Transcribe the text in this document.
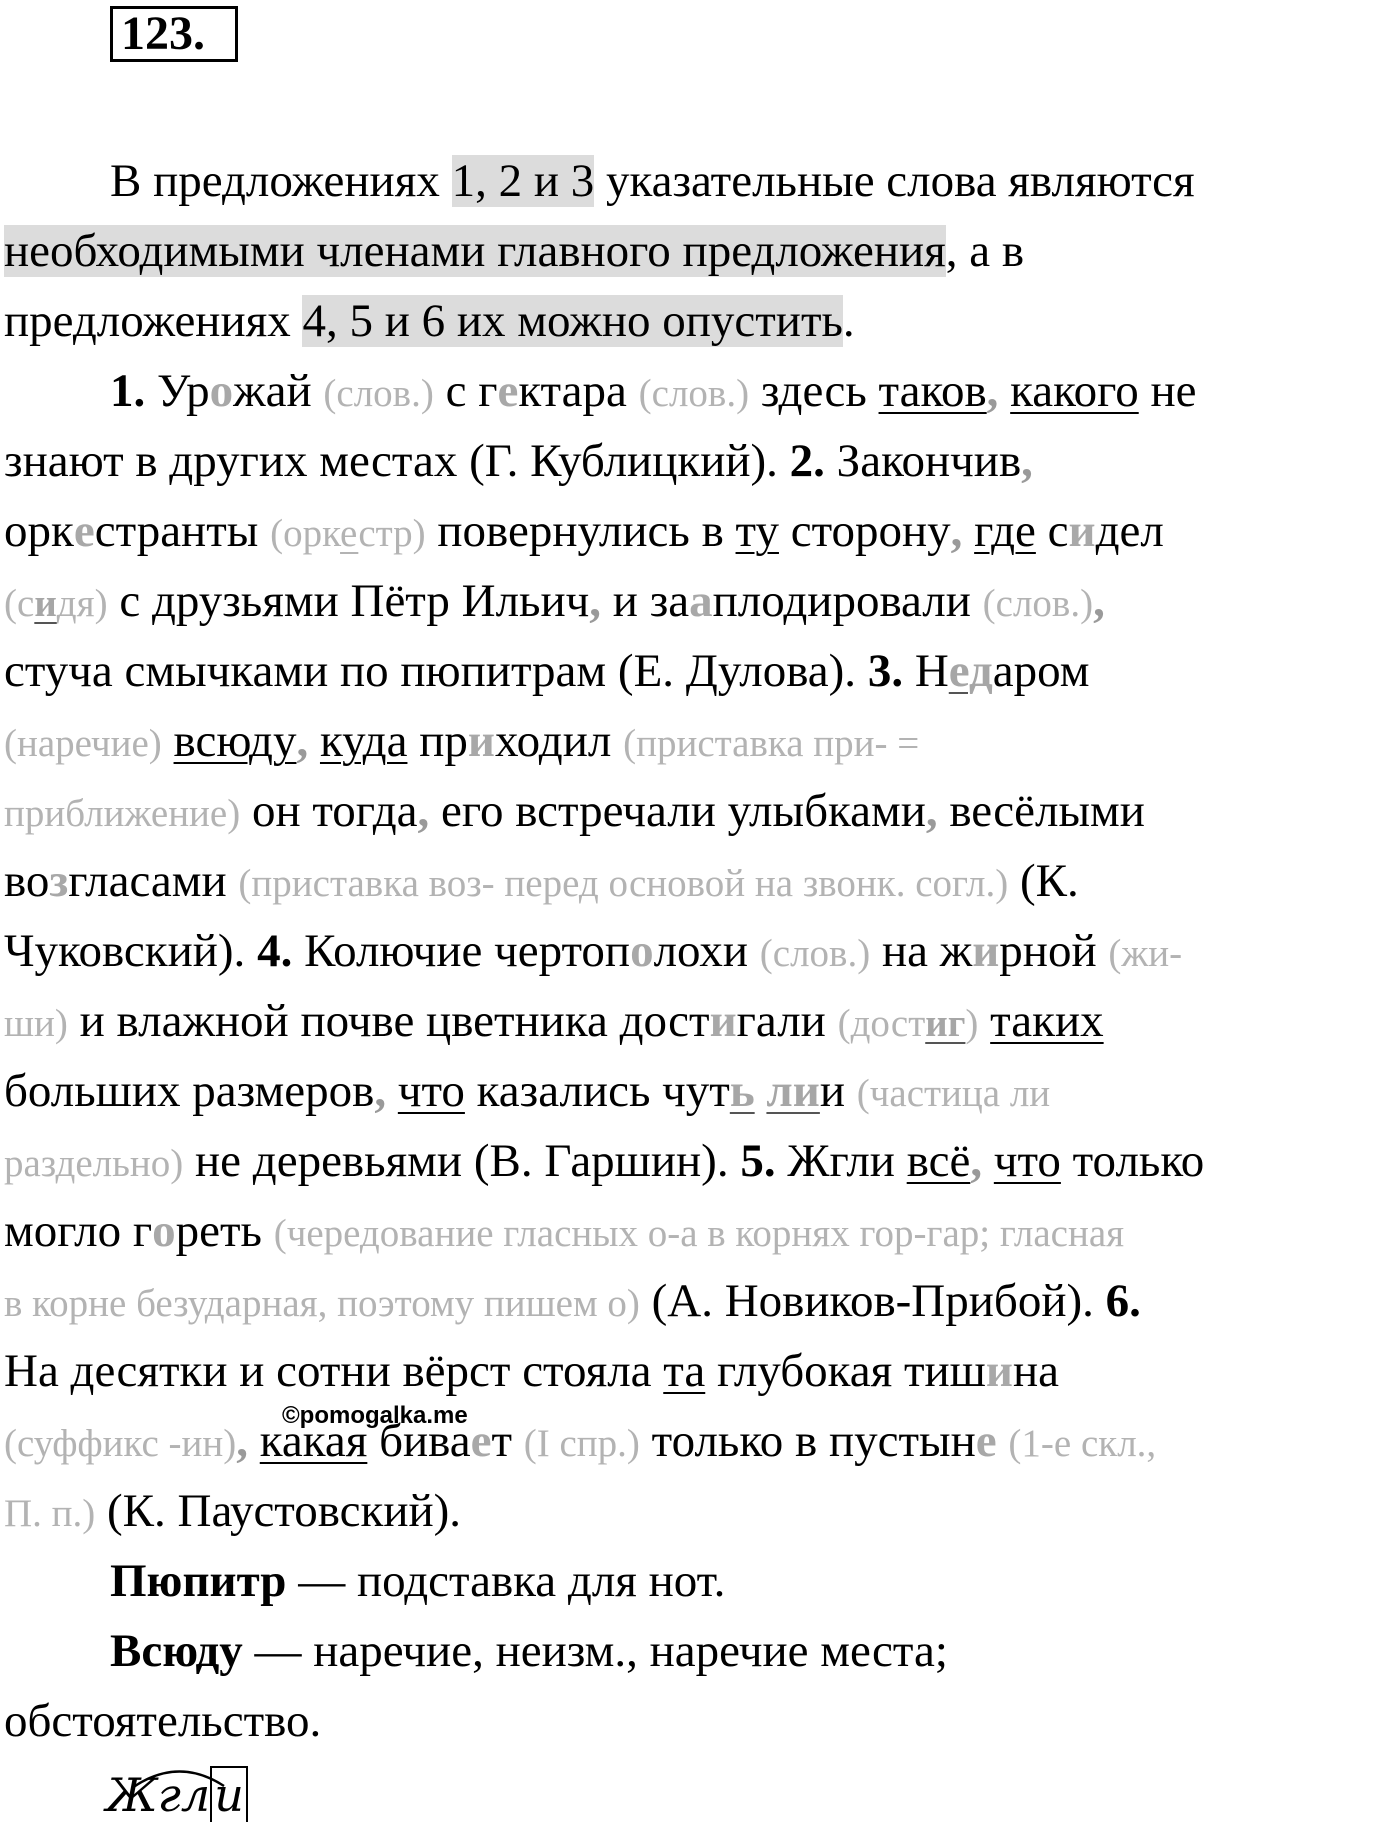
123.
В предложениях 1, 2 и 3 указательные слова являются
необходимыми членами главного предложения, а в
предложениях 4, 5 и 6 их можно опустить.
1. Урожай (слов.) с гектара (слов.) здесь таков, какого не
знают в других местах (Г. Кублицкий). 2. Закончив,
оркестранты (оркестр) повернулись в ту сторону, где сидел
(сидя) с друзьями Пётр Ильич, и зааплодировали (слов.),
стуча смычками по пюпитрам (Е. Дулова). 3. Недаром
(наречие) всюду, куда приходил (приставка при- =
приближение) он тогда, его встречали улыбками, весёлыми
возгласами (приставка воз- перед основой на звонк. согл.) (К.
Чуковский). 4. Колючие чертополохи (слов.) на жирной (жи-
ши) и влажной почве цветника достигали (достиг) таких
больших размеров, что казались чуть лии (частица ли
раздельно) не деревьями (В. Гаршин). 5. Жгли всё, что только
могло гореть (чередование гласных о-а в корнях гор-гар; гласная
в корне безударная, поэтому пишем о) (А. Новиков-Прибой). 6.
На десятки и сотни вёрст стояла та глубокая тишина
(суффикс -ин), какая бивает (I спр.) только в пустыне (1-е скл.,
П. п.) (К. Паустовский).
Пюпитр — подставка для нот.
Всюду — наречие, неизм., наречие места;
обстоятельство.
©pomogalka.me
Жгли
